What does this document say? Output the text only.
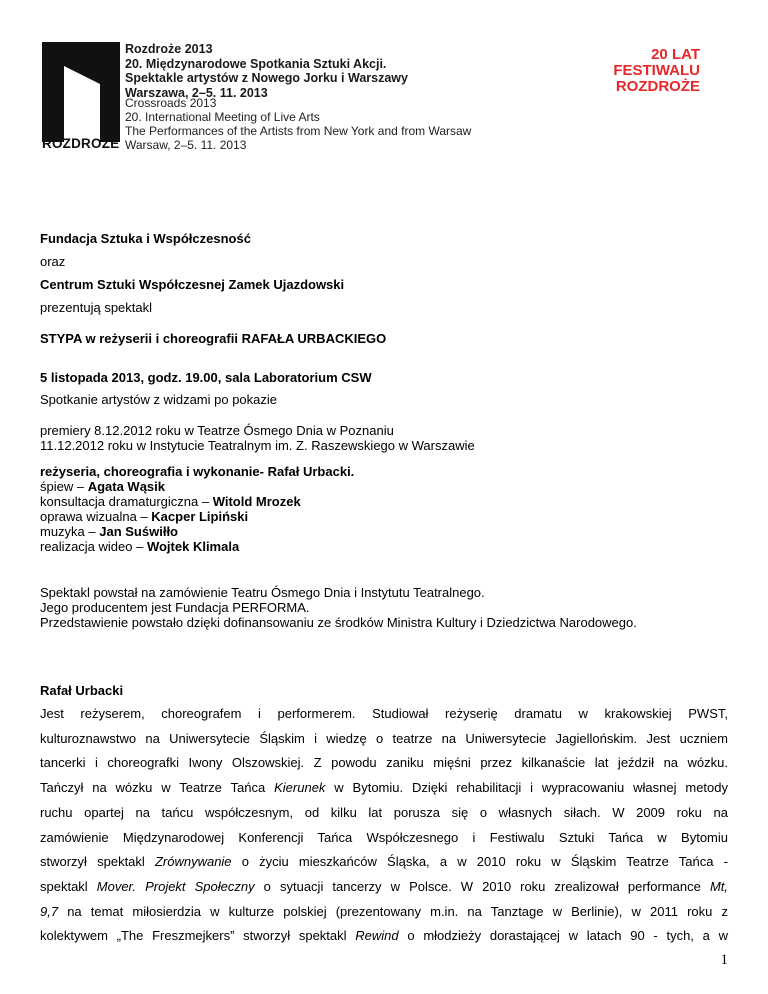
ROZDROŻE
Rozdroże 2013
20. Międzynarodowe Spotkania Sztuki Akcji.
Spektakle artystów z Nowego Jorku i Warszawy
Warszawa, 2–5. 11. 2013
Crossroads 2013
20. International Meeting of Live Arts
The Performances of the Artists from New York and from Warsaw
Warsaw, 2–5. 11. 2013
20 LAT
FESTIWALU
ROZDROŻE
Fundacja Sztuka i Współczesność
oraz
Centrum Sztuki Współczesnej Zamek Ujazdowski
prezentują spektakl
STYPA w reżyserii i choreografii RAFAŁA URBACKIEGO
5 listopada 2013, godz. 19.00, sala Laboratorium CSW
Spotkanie artystów z widzami po pokazie
premiery 8.12.2012 roku w Teatrze Ósmego Dnia w Poznaniu
11.12.2012 roku w Instytucie Teatralnym im. Z. Raszewskiego w Warszawie
reżyseria, choreografia i wykonanie- Rafał Urbacki.
śpiew – Agata Wąsik
konsultacja dramaturgiczna – Witold Mrozek
oprawa wizualna – Kacper Lipiński
muzyka – Jan Suświłło
realizacja wideo – Wojtek Klimala
Spektakl powstał na zamówienie Teatru Ósmego Dnia i Instytutu Teatralnego.
Jego producentem jest Fundacja PERFORMA.
Przedstawienie powstało dzięki dofinansowaniu ze środków Ministra Kultury i Dziedzictwa Narodowego.
Rafał Urbacki
Jest reżyserem, choreografem i performerem. Studiował reżyserię dramatu w krakowskiej PWST,
kulturoznawstwo na Uniwersytecie Śląskim i wiedzę o teatrze na Uniwersytecie Jagiellońskim. Jest uczniem
tancerki i choreografki Iwony Olszowskiej. Z powodu zaniku mięśni przez kilkanaście lat jeździł na wózku.
Tańczył na wózku w Teatrze Tańca Kierunek w Bytomiu. Dzięki rehabilitacji i wypracowaniu własnej metody
ruchu opartej na tańcu współczesnym, od kilku lat porusza się o własnych siłach. W 2009 roku na
zamówienie Międzynarodowej Konferencji Tańca Współczesnego i Festiwalu Sztuki Tańca w Bytomiu
stworzył spektakl Zrównywanie o życiu mieszkańców Śląska, a w 2010 roku w Śląskim Teatrze Tańca -
spektakl Mover. Projekt Społeczny o sytuacji tancerzy w Polsce. W 2010 roku zrealizował performance Mt,
9,7 na temat miłosierdzia w kulturze polskiej (prezentowany m.in. na Tanztage w Berlinie), w 2011 roku z
kolektywem „The Freszmejkers” stworzył spektakl Rewind o młodzieży dorastającej w latach 90 - tych, a w
1
